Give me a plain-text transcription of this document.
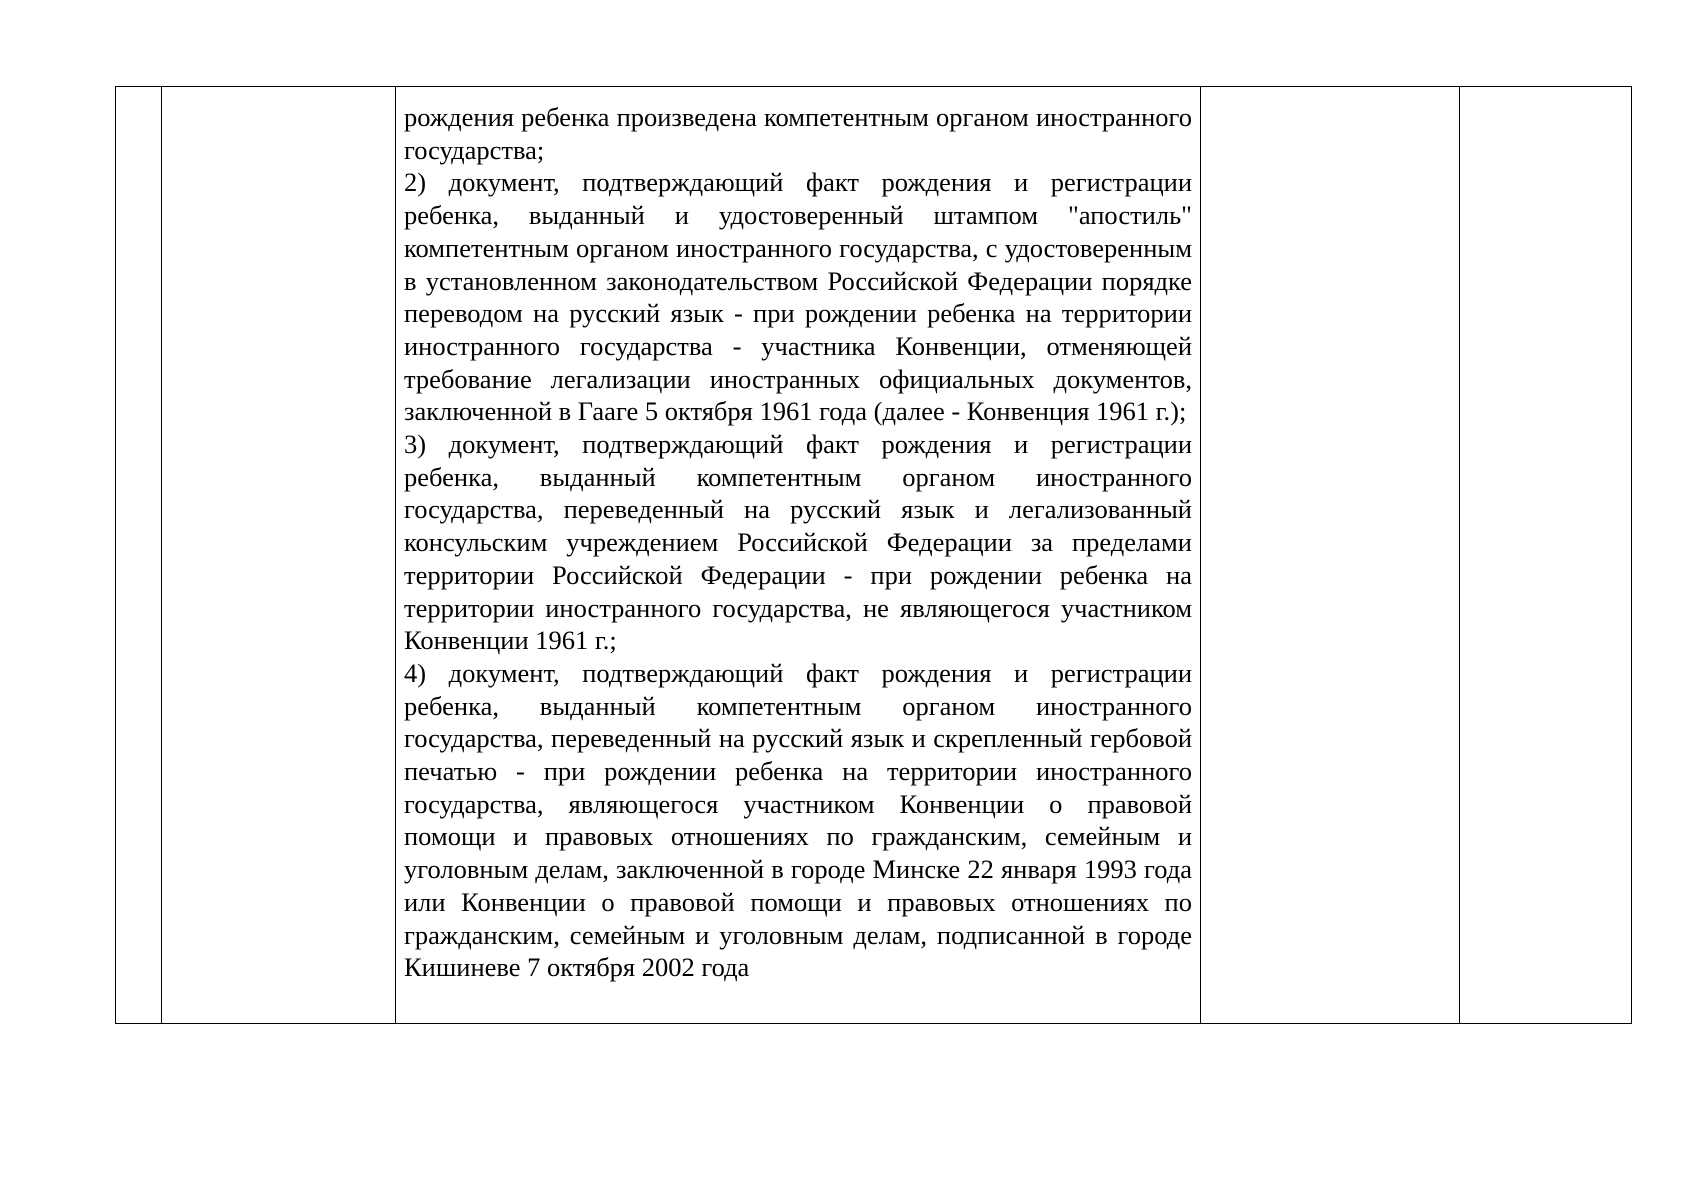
рождения ребенка произведена компетентным органом иностранного государства;

2) документ, подтверждающий факт рождения и регистрации ребенка, выданный и удостоверенный штампом "апостиль" компетентным органом иностранного государства, с удостоверенным в установленном законодательством Российской Федерации порядке переводом на русский язык - при рождении ребенка на территории иностранного государства - участника Конвенции, отменяющей требование легализации иностранных официальных документов, заключенной в Гааге 5 октября 1961 года (далее - Конвенция 1961 г.);

3) документ, подтверждающий факт рождения и регистрации ребенка, выданный компетентным органом иностранного государства, переведенный на русский язык и легализованный консульским учреждением Российской Федерации за пределами территории Российской Федерации - при рождении ребенка на территории иностранного государства, не являющегося участником Конвенции 1961 г.;

4) документ, подтверждающий факт рождения и регистрации ребенка, выданный компетентным органом иностранного государства, переведенный на русский язык и скрепленный гербовой печатью - при рождении ребенка на территории иностранного государства, являющегося участником Конвенции о правовой помощи и правовых отношениях по гражданским, семейным и уголовным делам, заключенной в городе Минске 22 января 1993 года или Конвенции о правовой помощи и правовых отношениях по гражданским, семейным и уголовным делам, подписанной в городе Кишиневе 7 октября 2002 года
